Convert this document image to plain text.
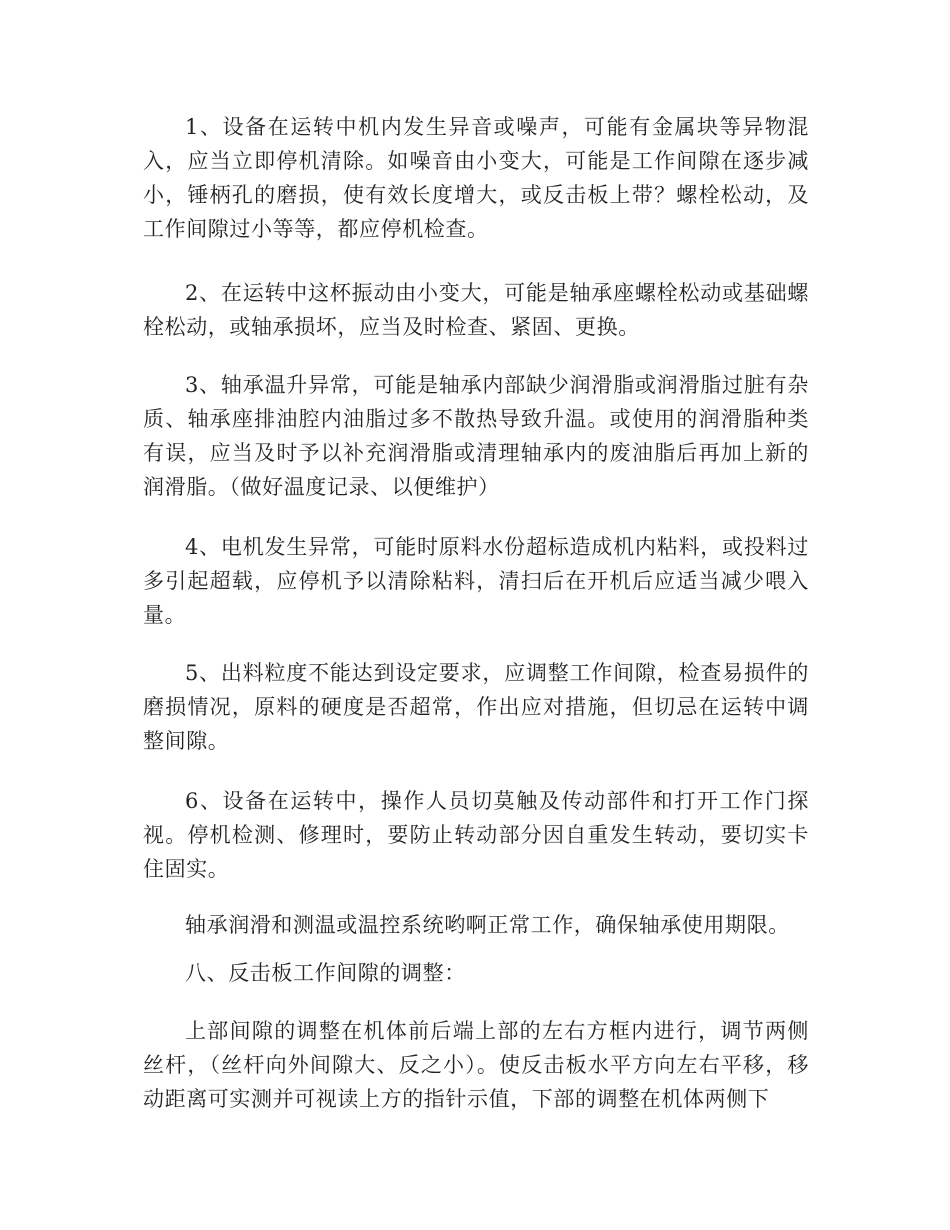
1、设备在运转中机内发生异音或噪声，可能有金属块等异物混入，应当立即停机清除。如噪音由小变大，可能是工作间隙在逐步减小，锤柄孔的磨损，使有效长度增大，或反击板上带？螺栓松动，及工作间隙过小等等，都应停机检查。

2、在运转中这杯振动由小变大，可能是轴承座螺栓松动或基础螺栓松动，或轴承损坏，应当及时检查、紧固、更换。

3、轴承温升异常，可能是轴承内部缺少润滑脂或润滑脂过脏有杂质、轴承座排油腔内油脂过多不散热导致升温。或使用的润滑脂种类有误，应当及时予以补充润滑脂或清理轴承内的废油脂后再加上新的润滑脂。（做好温度记录、以便维护）

4、电机发生异常，可能时原料水份超标造成机内粘料，或投料过多引起超载，应停机予以清除粘料，清扫后在开机后应适当减少喂入量。

5、出料粒度不能达到设定要求，应调整工作间隙，检查易损件的磨损情况，原料的硬度是否超常，作出应对措施，但切忌在运转中调整间隙。

6、设备在运转中，操作人员切莫触及传动部件和打开工作门探视。停机检测、修理时，要防止转动部分因自重发生转动，要切实卡住固实。

轴承润滑和测温或温控系统哟啊正常工作，确保轴承使用期限。

八、反击板工作间隙的调整：

上部间隙的调整在机体前后端上部的左右方框内进行，调节两侧丝杆，（丝杆向外间隙大、反之小）。使反击板水平方向左右平移，移动距离可实测并可视读上方的指针示值，下部的调整在机体两侧下
